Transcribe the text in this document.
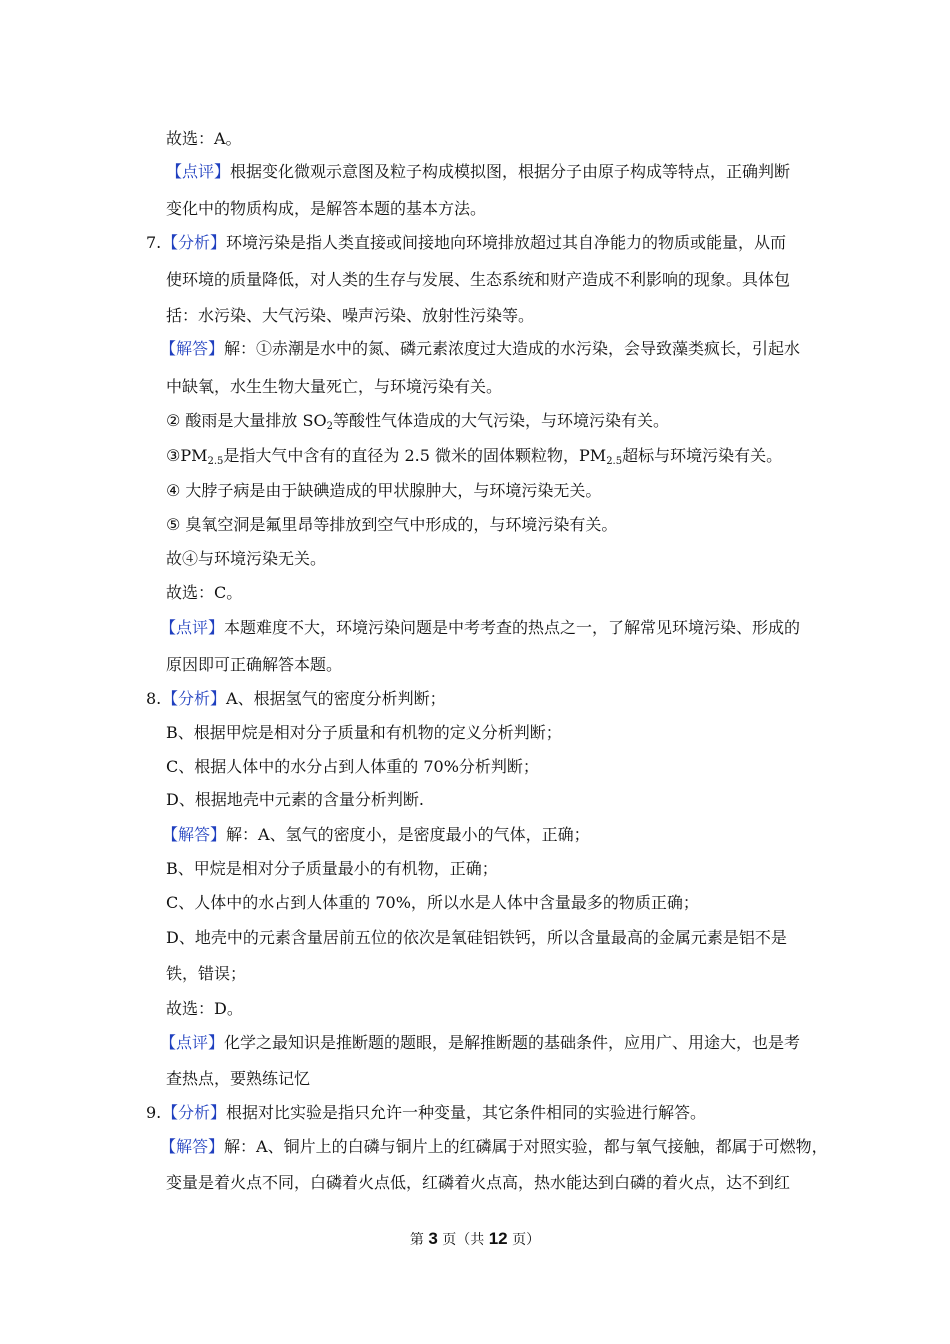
故选：A。
【点评】根据变化微观示意图及粒子构成模拟图，根据分子由原子构成等特点，正确判断
变化中的物质构成，是解答本题的基本方法。
7. 【分析】环境污染是指人类直接或间接地向环境排放超过其自净能力的物质或能量，从而
使环境的质量降低，对人类的生存与发展、生态系统和财产造成不利影响的现象。具体包
括：水污染、大气污染、噪声污染、放射性污染等。
【解答】解：①赤潮是水中的氮、磷元素浓度过大造成的水污染，会导致藻类疯长，引起水
中缺氧，水生生物大量死亡，与环境污染有关。
② 酸雨是大量排放 $SO_2$等酸性气体造成的大气污染，与环境污染有关。
$③PM_{2.5}$是指大气中含有的直径为 2.5 微米的固体颗粒物，$PM_{2.5}$超标与环境污染有关。
④ 大脖子病是由于缺碘造成的甲状腺肿大，与环境污染无关。
⑤ 臭氧空洞是氟里昂等排放到空气中形成的，与环境污染有关。
故④与环境污染无关。
故选：C。
【点评】本题难度不大，环境污染问题是中考考查的热点之一，了解常见环境污染、形成的
原因即可正确解答本题。
8. 【分析】A、根据氢气的密度分析判断；
B、根据甲烷是相对分子质量和有机物的定义分析判断；
C、根据人体中的水分占到人体重的 70%分析判断；
D、根据地壳中元素的含量分析判断.
【解答】解：A、氢气的密度小，是密度最小的气体，正确；
B、甲烷是相对分子质量最小的有机物，正确；
C、人体中的水占到人体重的 70%，所以水是人体中含量最多的物质正确；
D、地壳中的元素含量居前五位的依次是氧硅铝铁钙，所以含量最高的金属元素是铝不是
铁，错误；
故选：D。
【点评】化学之最知识是推断题的题眼，是解推断题的基础条件，应用广、用途大，也是考
查热点，要熟练记忆
9. 【分析】根据对比实验是指只允许一种变量，其它条件相同的实验进行解答。
【解答】解：A、铜片上的白磷与铜片上的红磷属于对照实验，都与氧气接触，都属于可燃物，
变量是着火点不同，白磷着火点低，红磷着火点高，热水能达到白磷的着火点，达不到红
第 3 页（共 12 页）
